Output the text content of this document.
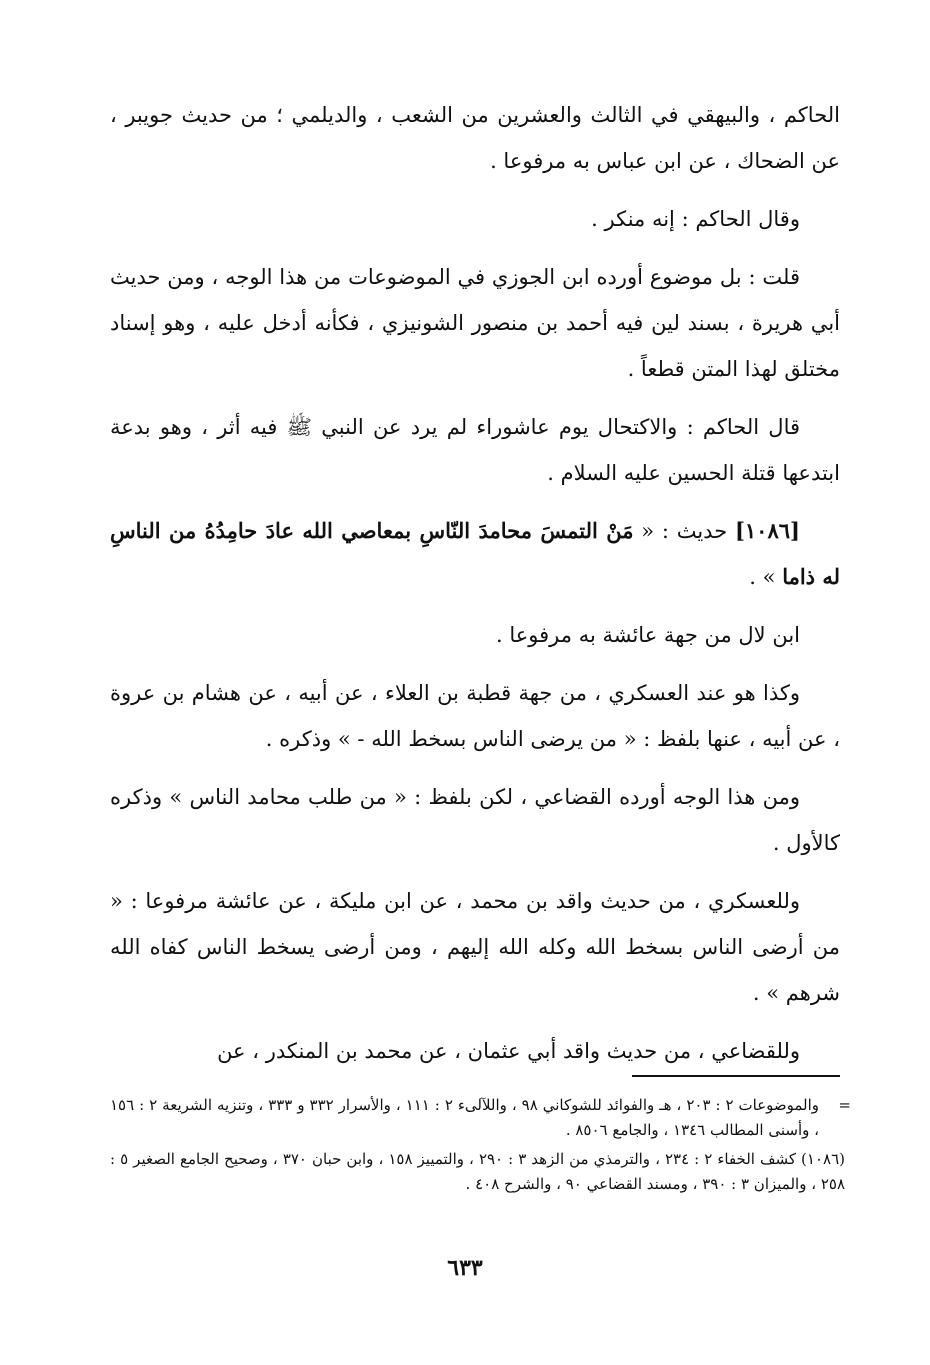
الحاكم ، والبيهقي في الثالث والعشرين من الشعب ، والديلمي ؛ من حديث جويبر ، عن الضحاك ، عن ابن عباس به مرفوعا .

وقال الحاكم : إنه منكر .

قلت : بل موضوع أورده ابن الجوزي في الموضوعات من هذا الوجه ، ومن حديث أبي هريرة ، بسند لين فيه أحمد بن منصور الشونيزي ، فكأنه أدخل عليه ، وهو إسناد مختلق لهذا المتن قطعاً .

قال الحاكم : والاكتحال يوم عاشوراء لم يرد عن النبي ﷺ فيه أثر ، وهو بدعة ابتدعها قتلة الحسين عليه السلام .

[١٠٨٦] حديث : « مَنْ التمسَ محامدَ النّاسِ بمعاصي الله عادَ حامِدُهُ من الناسِ له ذاما » .

ابن لال من جهة عائشة به مرفوعا .

وكذا هو عند العسكري ، من جهة قطبة بن العلاء ، عن أبيه ، عن هشام بن عروة ، عن أبيه ، عنها بلفظ : « من يرضى الناس بسخط الله - » وذكره .

ومن هذا الوجه أورده القضاعي ، لكن بلفظ : « من طلب محامد الناس » وذكره كالأول .

وللعسكري ، من حديث واقد بن محمد ، عن ابن مليكة ، عن عائشة مرفوعا : « من أرضى الناس بسخط الله وكله الله إليهم ، ومن أرضى يسخط الناس كفاه الله شرهم » .

وللقضاعي ، من حديث واقد أبي عثمان ، عن محمد بن المنكدر ، عن

=
والموضوعات ٢ : ٢٠٣ ، هـ والفوائد للشوكاني ٩٨ ، واللآلىء ٢ : ١١١ ، والأسرار ٣٣٢ و ٣٣٣ ، وتنزيه الشريعة ٢ : ١٥٦ ، وأسنى المطالب ١٣٤٦ ، والجامع ٨٥٠٦ .
(١٠٨٦) كشف الخفاء ٢ : ٢٣٤ ، والترمذي من الزهد ٣ : ٢٩٠ ، والتمييز ١٥٨ ، وابن حبان ٣٧٠ ، وصحيح الجامع الصغير ٥ : ٢٥٨ ، والميزان ٣ : ٣٩٠ ، ومسند القضاعي ٩٠ ، والشرح ٤٠٨ .
٦٣٣
